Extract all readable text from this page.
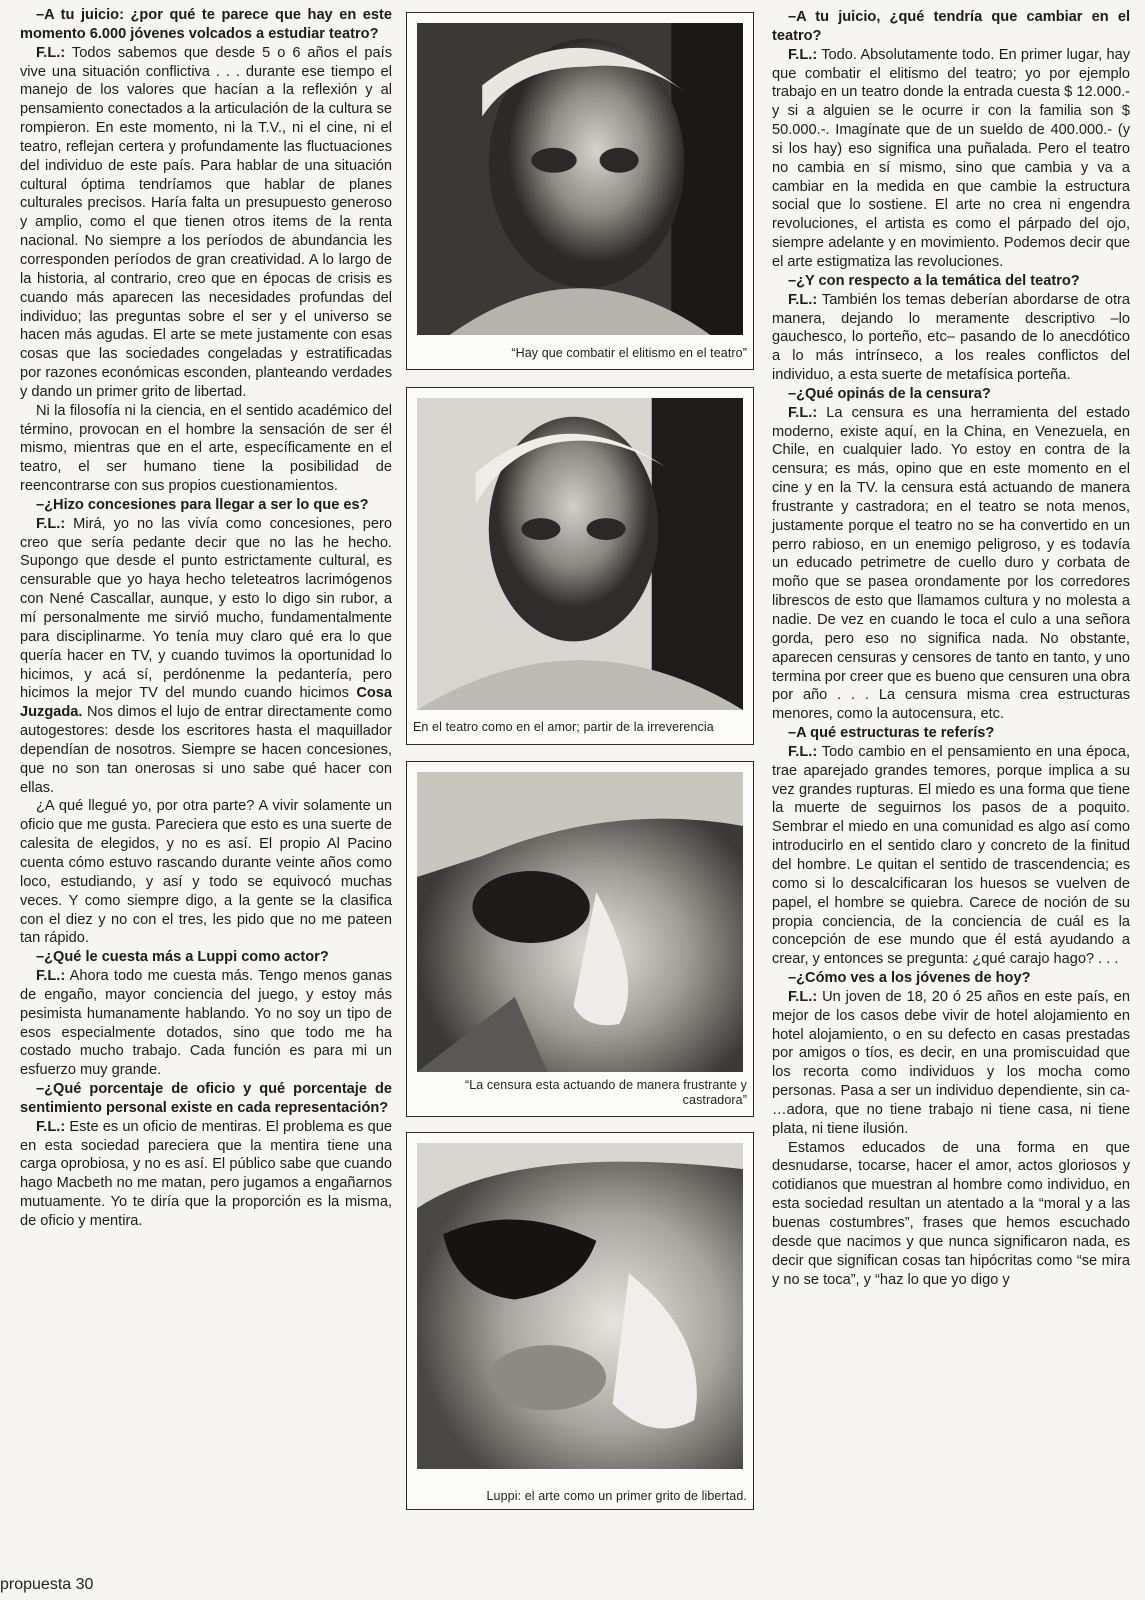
–A tu juicio: ¿por qué te parece que hay en este momento 6.000 jóvenes volcados a estudiar teatro?

F.L.: Todos sabemos que desde 5 o 6 años el país vive una situación conflictiva . . . durante ese tiempo el manejo de los valores que hacían a la reflexión y al pensamiento conectados a la articulación de la cultura se rompieron. En este momento, ni la T.V., ni el cine, ni el teatro, reflejan certera y profundamente las fluctuaciones del individuo de este país. Para hablar de una situación cultural óptima tendríamos que hablar de planes culturales precisos. Haría falta un presupuesto generoso y amplio, como el que tienen otros items de la renta nacional. No siempre a los períodos de abundancia les corresponden períodos de gran creatividad. A lo largo de la historia, al contrario, creo que en épocas de crisis es cuando más aparecen las necesidades profundas del individuo; las preguntas sobre el ser y el universo se hacen más agudas. El arte se mete justamente con esas cosas que las sociedades congeladas y estratificadas por razones económicas esconden, planteando verdades y dando un primer grito de libertad.

Ni la filosofía ni la ciencia, en el sentido académico del término, provocan en el hombre la sensación de ser él mismo, mientras que en el arte, específicamente en el teatro, el ser humano tiene la posibilidad de reencontrarse con sus propios cuestionamientos.

–¿Hizo concesiones para llegar a ser lo que es?

F.L.: Mirá, yo no las vivía como concesiones, pero creo que sería pedante decir que no las he hecho. Supongo que desde el punto estrictamente cultural, es censurable que yo haya hecho teleteatros lacrimógenos con Nené Cascallar, aunque, y esto lo digo sin rubor, a mí personalmente me sirvió mucho, fundamentalmente para disciplinarme. Yo tenía muy claro qué era lo que quería hacer en TV, y cuando tuvimos la oportunidad lo hicimos, y acá sí, perdónenme la pedantería, pero hicimos la mejor TV del mundo cuando hicimos Cosa Juzgada. Nos dimos el lujo de entrar directamente como autogestores: desde los escritores hasta el maquillador dependían de nosotros. Siempre se hacen concesiones, que no son tan onerosas si uno sabe qué hacer con ellas.

¿A qué llegué yo, por otra parte? A vivir solamente un oficio que me gusta. Pareciera que esto es una suerte de calesita de elegidos, y no es así. El propio Al Pacino cuenta cómo estuvo rascando durante veinte años como loco, estudiando, y así y todo se equivocó muchas veces. Y como siempre digo, a la gente se la clasifica con el diez y no con el tres, les pido que no me pateen tan rápido.

–¿Qué le cuesta más a Luppi como actor?

F.L.: Ahora todo me cuesta más. Tengo menos ganas de engaño, mayor conciencia del juego, y estoy más pesimista humanamente hablando. Yo no soy un tipo de esos especialmente dotados, sino que todo me ha costado mucho trabajo. Cada función es para mi un esfuerzo muy grande.

–¿Qué porcentaje de oficio y qué porcentaje de sentimiento personal existe en cada representación?

F.L.: Este es un oficio de mentiras. El problema es que en esta sociedad pareciera que la mentira tiene una carga oprobiosa, y no es así. El público sabe que cuando hago Macbeth no me matan, pero jugamos a engañarnos mutuamente. Yo te diría que la proporción es la misma, de oficio y mentira.

“Hay que combatir el elitismo en el teatro”
En el teatro como en el amor; partir de la irreverencia
“La censura esta actuando de manera frustrante y castradora”
Luppi: el arte como un primer grito de libertad.

–A tu juicio, ¿qué tendría que cambiar en el teatro?

F.L.: Todo. Absolutamente todo. En primer lugar, hay que combatir el elitismo del teatro; yo por ejemplo trabajo en un teatro donde la entrada cuesta $ 12.000.- y si a alguien se le ocurre ir con la familia son $ 50.000.-. Imagínate que de un sueldo de 400.000.- (y si los hay) eso significa una puñalada. Pero el teatro no cambia en sí mismo, sino que cambia y va a cambiar en la medida en que cambie la estructura social que lo sostiene. El arte no crea ni engendra revoluciones, el artista es como el párpado del ojo, siempre adelante y en movimiento. Podemos decir que el arte estigmatiza las revoluciones.

–¿Y con respecto a la temática del teatro?

F.L.: También los temas deberían abordarse de otra manera, dejando lo meramente descriptivo –lo gauchesco, lo porteño, etc– pasando de lo anecdótico a lo más intrínseco, a los reales conflictos del individuo, a esta suerte de metafísica porteña.

–¿Qué opinás de la censura?

F.L.: La censura es una herramienta del estado moderno, existe aquí, en la China, en Venezuela, en Chile, en cualquier lado. Yo estoy en contra de la censura; es más, opino que en este momento en el cine y en la TV. la censura está actuando de manera frustrante y castradora; en el teatro se nota menos, justamente porque el teatro no se ha convertido en un perro rabioso, en un enemigo peligroso, y es todavía un educado petrimetre de cuello duro y corbata de moño que se pasea orondamente por los corredores librescos de esto que llamamos cultura y no molesta a nadie. De vez en cuando le toca el culo a una señora gorda, pero eso no significa nada. No obstante, aparecen censuras y censores de tanto en tanto, y uno termina por creer que es bueno que censuren una obra por año . . . La censura misma crea estructuras menores, como la autocensura, etc.

–A qué estructuras te referís?

F.L.: Todo cambio en el pensamiento en una época, trae aparejado grandes temores, porque implica a su vez grandes rupturas. El miedo es una forma que tiene la muerte de seguirnos los pasos de a poquito. Sembrar el miedo en una comunidad es algo así como introducirlo en el sentido claro y concreto de la finitud del hombre. Le quitan el sentido de trascendencia; es como si lo descalcificaran los huesos se vuelven de papel, el hombre se quiebra. Carece de noción de su propia conciencia, de la conciencia de cuál es la concepción de ese mundo que él está ayudando a crear, y entonces se pregunta: ¿qué carajo hago? . . .

–¿Cómo ves a los jóvenes de hoy?

F.L.: Un joven de 18, 20 ó 25 años en este país, en mejor de los casos debe vivir de hotel alojamiento en hotel alojamiento, o en su defecto en casas prestadas por amigos o tíos, es decir, en una promiscuidad que los recorta como individuos y los mocha como personas. Pasa a ser un individuo dependiente, sin ca- …adora, que no tiene trabajo ni tiene casa, ni tiene plata, ni tiene ilusión.

Estamos educados de una forma en que desnudarse, tocarse, hacer el amor, actos gloriosos y cotidianos que muestran al hombre como individuo, en esta sociedad resultan un atentado a la “moral y a las buenas costumbres”, frases que hemos escuchado desde que nacimos y que nunca significaron nada, es decir que significan cosas tan hipócritas como “se mira y no se toca”, y “haz lo que yo digo y

propuesta 30
